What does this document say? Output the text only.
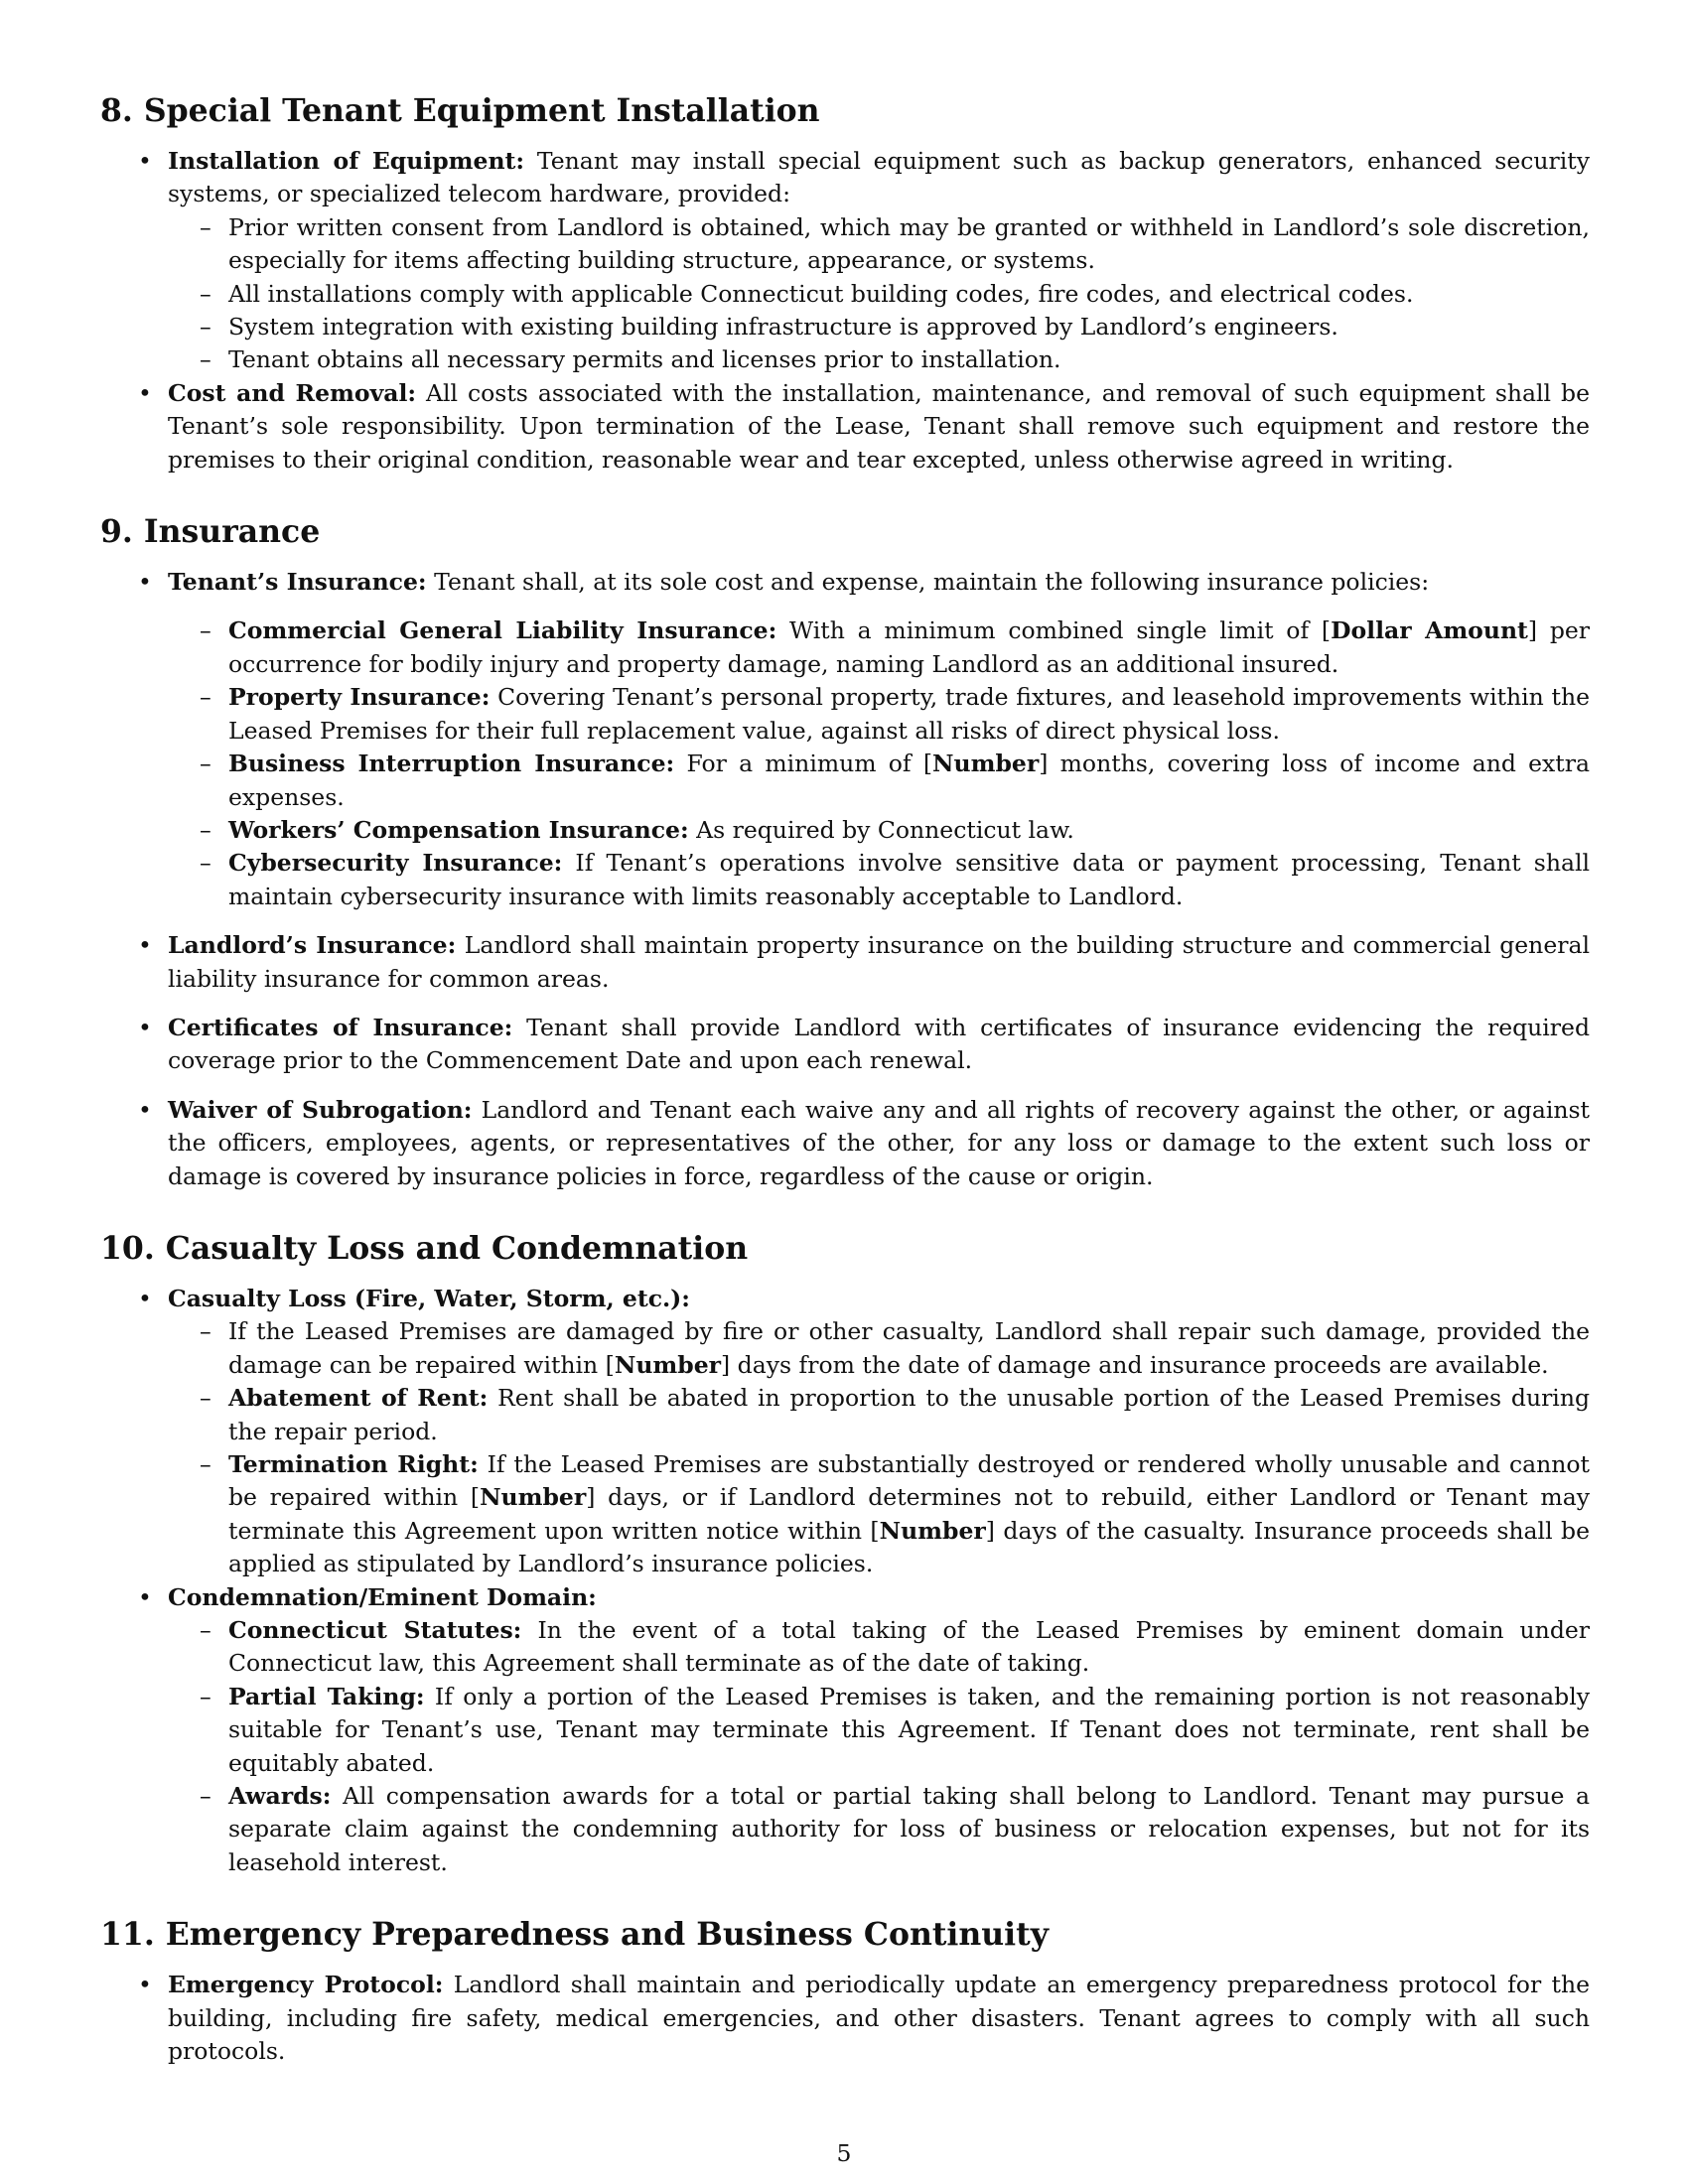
8. Special Tenant Equipment Installation
• Installation of Equipment: Tenant may install special equipment such as backup generators, enhanced security systems, or specialized telecom hardware, provided:
– Prior written consent from Landlord is obtained, which may be granted or withheld in Landlord’s sole discretion, especially for items affecting building structure, appearance, or systems.
– All installations comply with applicable Connecticut building codes, fire codes, and electrical codes.
– System integration with existing building infrastructure is approved by Landlord’s engineers.
– Tenant obtains all necessary permits and licenses prior to installation.
• Cost and Removal: All costs associated with the installation, maintenance, and removal of such equipment shall be Tenant’s sole responsibility. Upon termination of the Lease, Tenant shall remove such equipment and restore the premises to their original condition, reasonable wear and tear excepted, unless otherwise agreed in writing.
9. Insurance
• Tenant’s Insurance: Tenant shall, at its sole cost and expense, maintain the following insurance policies:
– Commercial General Liability Insurance: With a minimum combined single limit of [Dollar Amount] per occurrence for bodily injury and property damage, naming Landlord as an additional insured.
– Property Insurance: Covering Tenant’s personal property, trade fixtures, and leasehold improvements within the Leased Premises for their full replacement value, against all risks of direct physical loss.
– Business Interruption Insurance: For a minimum of [Number] months, covering loss of income and extra expenses.
– Workers’ Compensation Insurance: As required by Connecticut law.
– Cybersecurity Insurance: If Tenant’s operations involve sensitive data or payment processing, Tenant shall maintain cybersecurity insurance with limits reasonably acceptable to Landlord.
• Landlord’s Insurance: Landlord shall maintain property insurance on the building structure and commercial general liability insurance for common areas.
• Certificates of Insurance: Tenant shall provide Landlord with certificates of insurance evidencing the required coverage prior to the Commencement Date and upon each renewal.
• Waiver of Subrogation: Landlord and Tenant each waive any and all rights of recovery against the other, or against the officers, employees, agents, or representatives of the other, for any loss or damage to the extent such loss or damage is covered by insurance policies in force, regardless of the cause or origin.
10. Casualty Loss and Condemnation
• Casualty Loss (Fire, Water, Storm, etc.):
– If the Leased Premises are damaged by fire or other casualty, Landlord shall repair such damage, provided the damage can be repaired within [Number] days from the date of damage and insurance proceeds are available.
– Abatement of Rent: Rent shall be abated in proportion to the unusable portion of the Leased Premises during the repair period.
– Termination Right: If the Leased Premises are substantially destroyed or rendered wholly unusable and cannot be repaired within [Number] days, or if Landlord determines not to rebuild, either Landlord or Tenant may terminate this Agreement upon written notice within [Number] days of the casualty. Insurance proceeds shall be applied as stipulated by Landlord’s insurance policies.
• Condemnation/Eminent Domain:
– Connecticut Statutes: In the event of a total taking of the Leased Premises by eminent domain under Connecticut law, this Agreement shall terminate as of the date of taking.
– Partial Taking: If only a portion of the Leased Premises is taken, and the remaining portion is not reasonably suitable for Tenant’s use, Tenant may terminate this Agreement. If Tenant does not terminate, rent shall be equitably abated.
– Awards: All compensation awards for a total or partial taking shall belong to Landlord. Tenant may pursue a separate claim against the condemning authority for loss of business or relocation expenses, but not for its leasehold interest.
11. Emergency Preparedness and Business Continuity
• Emergency Protocol: Landlord shall maintain and periodically update an emergency preparedness protocol for the building, including fire safety, medical emergencies, and other disasters. Tenant agrees to comply with all such protocols.
5
